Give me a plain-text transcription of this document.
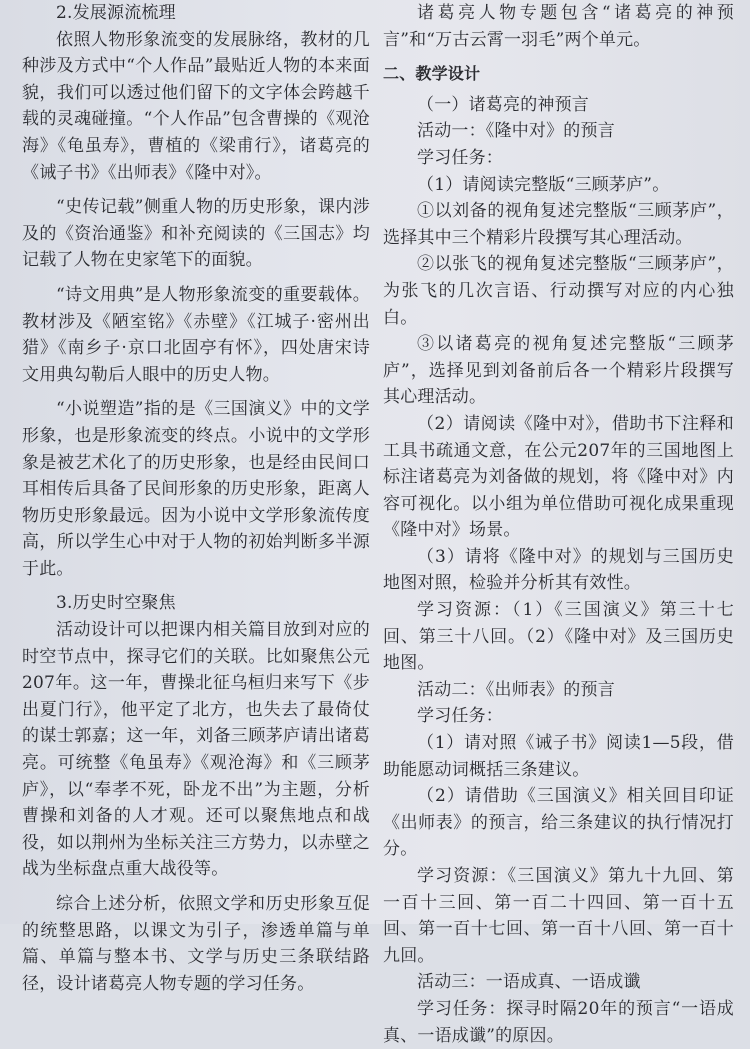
2.发展源流梳理

依照人物形象流变的发展脉络，教材的几种涉及方式中“个人作品”最贴近人物的本来面貌，我们可以透过他们留下的文字体会跨越千载的灵魂碰撞。“个人作品”包含曹操的《观沧海》《龟虽寿》，曹植的《梁甫行》，诸葛亮的《诫子书》《出师表》《隆中对》。

“史传记载”侧重人物的历史形象，课内涉及的《资治通鉴》和补充阅读的《三国志》均记载了人物在史家笔下的面貌。

“诗文用典”是人物形象流变的重要载体。教材涉及《陋室铭》《赤壁》《江城子·密州出猎》《南乡子·京口北固亭有怀》，四处唐宋诗文用典勾勒后人眼中的历史人物。

“小说塑造”指的是《三国演义》中的文学形象，也是形象流变的终点。小说中的文学形象是被艺术化了的历史形象，也是经由民间口耳相传后具备了民间形象的历史形象，距离人物历史形象最远。因为小说中文学形象流传度高，所以学生心中对于人物的初始判断多半源于此。

3.历史时空聚焦

活动设计可以把课内相关篇目放到对应的时空节点中，探寻它们的关联。比如聚焦公元207年。这一年，曹操北征乌桓归来写下《步出夏门行》，他平定了北方，也失去了最倚仗的谋士郭嘉；这一年，刘备三顾茅庐请出诸葛亮。可统整《龟虽寿》《观沧海》和《三顾茅庐》，以“奉孝不死，卧龙不出”为主题，分析曹操和刘备的人才观。还可以聚焦地点和战役，如以荆州为坐标关注三方势力，以赤壁之战为坐标盘点重大战役等。

综合上述分析，依照文学和历史形象互促的统整思路，以课文为引子，渗透单篇与单篇、单篇与整本书、文学与历史三条联结路径，设计诸葛亮人物专题的学习任务。

诸葛亮人物专题包含“诸葛亮的神预言”和“万古云霄一羽毛”两个单元。

二、教学设计

（一）诸葛亮的神预言

活动一：《隆中对》的预言

学习任务：

（1）请阅读完整版“三顾茅庐”。

①以刘备的视角复述完整版“三顾茅庐”，选择其中三个精彩片段撰写其心理活动。

②以张飞的视角复述完整版“三顾茅庐”，为张飞的几次言语、行动撰写对应的内心独白。

③以诸葛亮的视角复述完整版“三顾茅庐”，选择见到刘备前后各一个精彩片段撰写其心理活动。

（2）请阅读《隆中对》，借助书下注释和工具书疏通文意，在公元207年的三国地图上标注诸葛亮为刘备做的规划，将《隆中对》内容可视化。以小组为单位借助可视化成果重现《隆中对》场景。

（3）请将《隆中对》的规划与三国历史地图对照，检验并分析其有效性。

学习资源：（1）《三国演义》第三十七回、第三十八回。（2）《隆中对》及三国历史地图。

活动二：《出师表》的预言

学习任务：

（1）请对照《诫子书》阅读1—5段，借助能愿动词概括三条建议。

（2）请借助《三国演义》相关回目印证《出师表》的预言，给三条建议的执行情况打分。

学习资源：《三国演义》第九十九回、第一百十三回、第一百二十四回、第一百十五回、第一百十七回、第一百十八回、第一百十九回。

活动三：一语成真、一语成谶

学习任务：探寻时隔20年的预言“一语成真、一语成谶”的原因。
